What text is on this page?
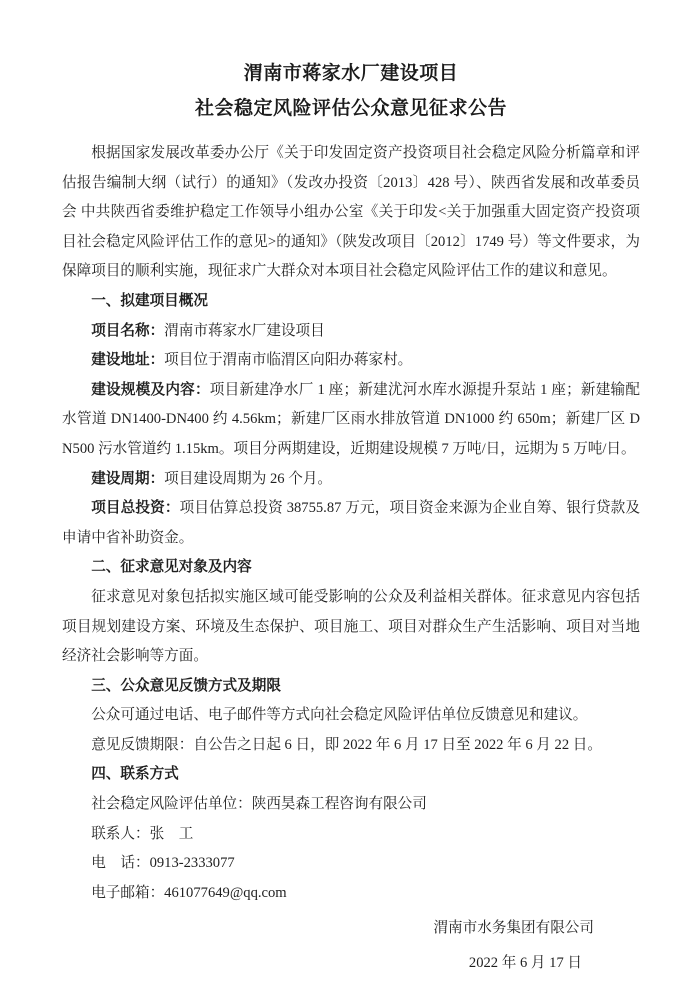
渭南市蒋家水厂建设项目
社会稳定风险评估公众意见征求公告

根据国家发展改革委办公厅《关于印发固定资产投资项目社会稳定风险分析篇章和评估报告编制大纲（试行）的通知》（发改办投资〔2013〕428 号）、陕西省发展和改革委员会 中共陕西省委维护稳定工作领导小组办公室《关于印发<关于加强重大固定资产投资项目社会稳定风险评估工作的意见>的通知》（陕发改项目〔2012〕1749 号）等文件要求，为保障项目的顺利实施，现征求广大群众对本项目社会稳定风险评估工作的建议和意见。

一、拟建项目概况

项目名称：渭南市蒋家水厂建设项目

建设地址：项目位于渭南市临渭区向阳办蒋家村。

建设规模及内容：项目新建净水厂 1 座；新建沋河水库水源提升泵站 1 座；新建输配水管道 DN1400-DN400 约 4.56km；新建厂区雨水排放管道 DN1000 约 650m；新建厂区 DN500 污水管道约 1.15km。项目分两期建设，近期建设规模 7 万吨/日，远期为 5 万吨/日。

建设周期：项目建设周期为 26 个月。

项目总投资：项目估算总投资 38755.87 万元，项目资金来源为企业自筹、银行贷款及申请中省补助资金。

二、征求意见对象及内容

征求意见对象包括拟实施区域可能受影响的公众及利益相关群体。征求意见内容包括项目规划建设方案、环境及生态保护、项目施工、项目对群众生产生活影响、项目对当地经济社会影响等方面。

三、公众意见反馈方式及期限

公众可通过电话、电子邮件等方式向社会稳定风险评估单位反馈意见和建议。

意见反馈期限：自公告之日起 6 日，即 2022 年 6 月 17 日至 2022 年 6 月 22 日。

四、联系方式

社会稳定风险评估单位：陕西昊森工程咨询有限公司

联系人：张　工

电　话：0913-2333077

电子邮箱：461077649@qq.com

渭南市水务集团有限公司

2022 年 6 月 17 日
